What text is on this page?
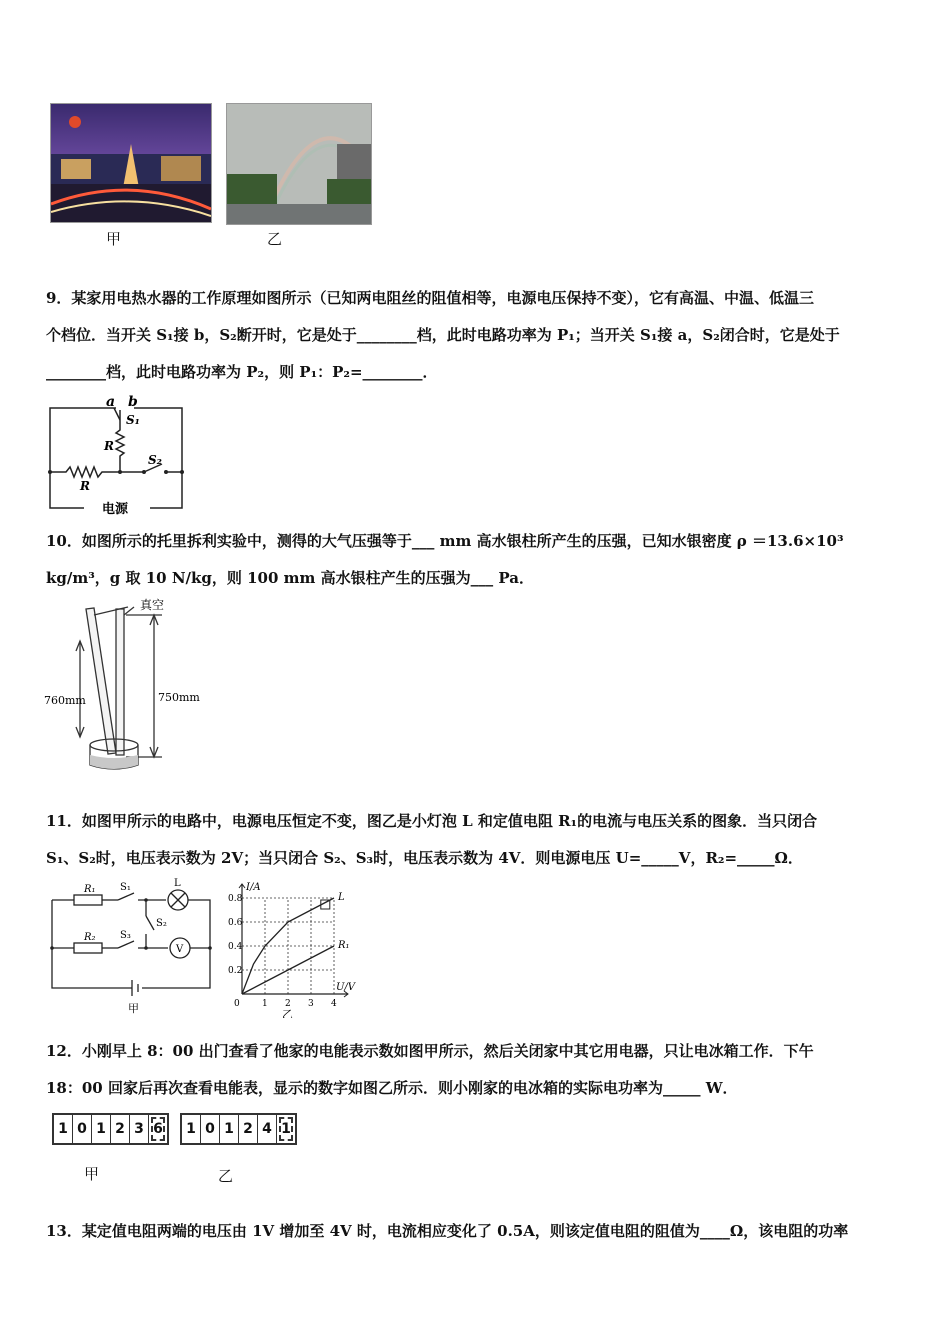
甲	乙
9．某家用电热水器的工作原理如图所示（已知两电阻丝的阻值相等，电源电压保持不变），它有高温、中温、低温三
个档位．当开关 S₁接 b，S₂断开时，它是处于________档，此时电路功率为 P₁；当开关 S₁接 a，S₂闭合时，它是处于
________档，此时电路功率为 P₂，则 P₁：P₂=________．
a b
S₁
R
S₂
R
电源
10．如图所示的托里拆利实验中，测得的大气压强等于___ mm 高水银柱所产生的压强，已知水银密度 ρ ＝13.6×10³
kg/m³，g 取 10 N/kg，则 100 mm 高水银柱产生的压强为___ Pa．
真空
760mm	750mm
11．如图甲所示的电路中，电源电压恒定不变，图乙是小灯泡 L 和定值电阻 R₁的电流与电压关系的图象．当只闭合
S₁、S₂时，电压表示数为 2V；当只闭合 S₂、S₃时，电压表示数为 4V．则电源电压 U=_____V，R₂=_____Ω．
R₁
R₂
S₁
S₂
S₃
L
V
甲
0.2
0.4
0.6
0.8
0 1 2 3 4
I/A
U/V
L
R₁
乙
12．小刚早上 8：00 出门查看了他家的电能表示数如图甲所示，然后关闭家中其它用电器，只让电冰箱工作．下午
18：00 回家后再次查看电能表，显示的数字如图乙所示．则小刚家的电冰箱的实际电功率为_____ W．
1 0 1 2 3 6 1 0 1 2 4 1
甲	乙
13．某定值电阻两端的电压由 1V 增加至 4V 时，电流相应变化了 0.5A，则该定值电阻的阻值为____Ω，该电阻的功率
